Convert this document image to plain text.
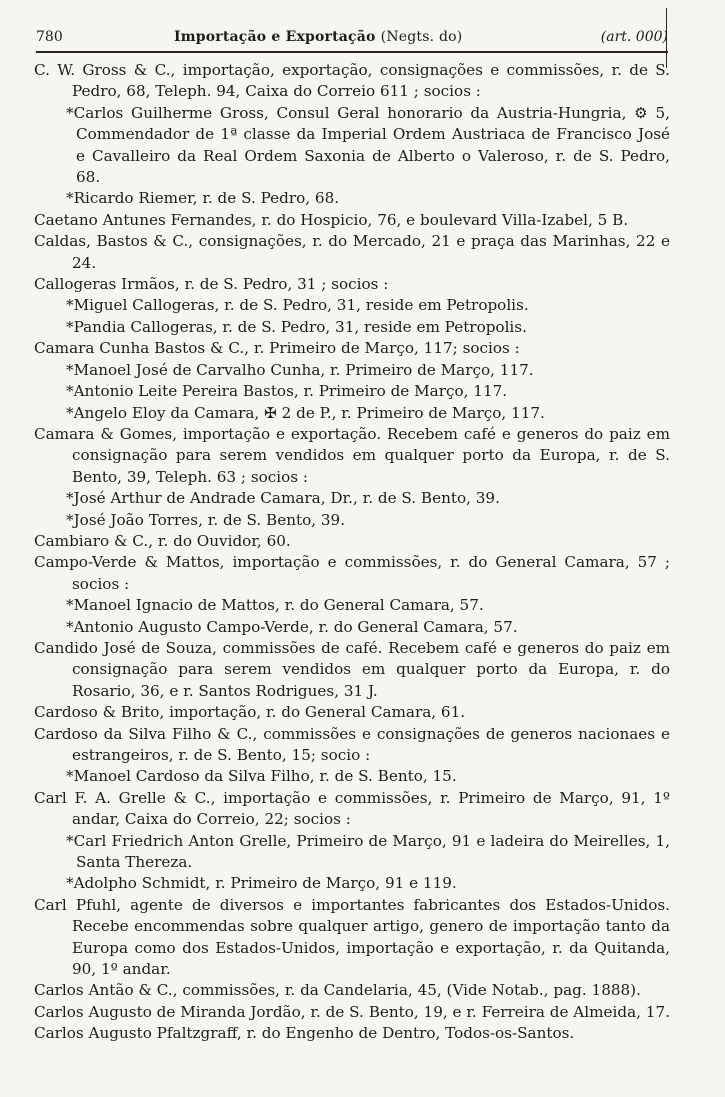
780	Importação e Exportação (Negts. do)	(art. 000)

C. W. Gross & C., importação, exportação, consignações e commissões, r. de S. Pedro, 68, Teleph. 94, Caixa do Correio 611 ; socios :

*Carlos Guilherme Gross, Consul Geral honorario da Austria-Hungria, ⚙ 5, Commendador de 1ª classe da Imperial Ordem Austriaca de Francisco José e Cavalleiro da Real Ordem Saxonia de Alberto o Valeroso, r. de S. Pedro, 68.

*Ricardo Riemer, r. de S. Pedro, 68.

Caetano Antunes Fernandes, r. do Hospicio, 76, e boulevard Villa-Izabel, 5 B.

Caldas, Bastos & C., consignações, r. do Mercado, 21 e praça das Marinhas, 22 e 24.

Callogeras Irmãos, r. de S. Pedro, 31 ; socios :

*Miguel Callogeras, r. de S. Pedro, 31, reside em Petropolis.

*Pandia Callogeras, r. de S. Pedro, 31, reside em Petropolis.

Camara Cunha Bastos & C., r. Primeiro de Março, 117; socios :

*Manoel José de Carvalho Cunha, r. Primeiro de Março, 117.

*Antonio Leite Pereira Bastos, r. Primeiro de Março, 117.

*Angelo Eloy da Camara, ✠ 2 de P., r. Primeiro de Março, 117.

Camara & Gomes, importação e exportação. Recebem café e generos do paiz em consignação para serem vendidos em qualquer porto da Europa, r. de S. Bento, 39, Teleph. 63 ; socios :

*José Arthur de Andrade Camara, Dr., r. de S. Bento, 39.

*José João Torres, r. de S. Bento, 39.

Cambiaro & C., r. do Ouvidor, 60.

Campo-Verde & Mattos, importação e commissões, r. do General Camara, 57 ; socios :

*Manoel Ignacio de Mattos, r. do General Camara, 57.

*Antonio Augusto Campo-Verde, r. do General Camara, 57.

Candido José de Souza, commissões de café. Recebem café e generos do paiz em consignação para serem vendidos em qualquer porto da Europa, r. do Rosario, 36, e r. Santos Rodrigues, 31 J.

Cardoso & Brito, importação, r. do General Camara, 61.

Cardoso da Silva Filho & C., commissões e consignações de generos nacionaes e estrangeiros, r. de S. Bento, 15; socio :

*Manoel Cardoso da Silva Filho, r. de S. Bento, 15.

Carl F. A. Grelle & C., importação e commissões, r. Primeiro de Março, 91, 1º andar, Caixa do Correio, 22; socios :

*Carl Friedrich Anton Grelle, Primeiro de Março, 91 e ladeira do Meirelles, 1, Santa Thereza.

*Adolpho Schmidt, r. Primeiro de Março, 91 e 119.

Carl Pfuhl, agente de diversos e importantes fabricantes dos Estados-Unidos. Recebe encommendas sobre qualquer artigo, genero de importação tanto da Europa como dos Estados-Unidos, importação e exportação, r. da Quitanda, 90, 1º andar.

Carlos Antão & C., commissões, r. da Candelaria, 45, (Vide Notab., pag. 1888).

Carlos Augusto de Miranda Jordão, r. de S. Bento, 19, e r. Ferreira de Almeida, 17.

Carlos Augusto Pfaltzgraff, r. do Engenho de Dentro, Todos-os-Santos.
